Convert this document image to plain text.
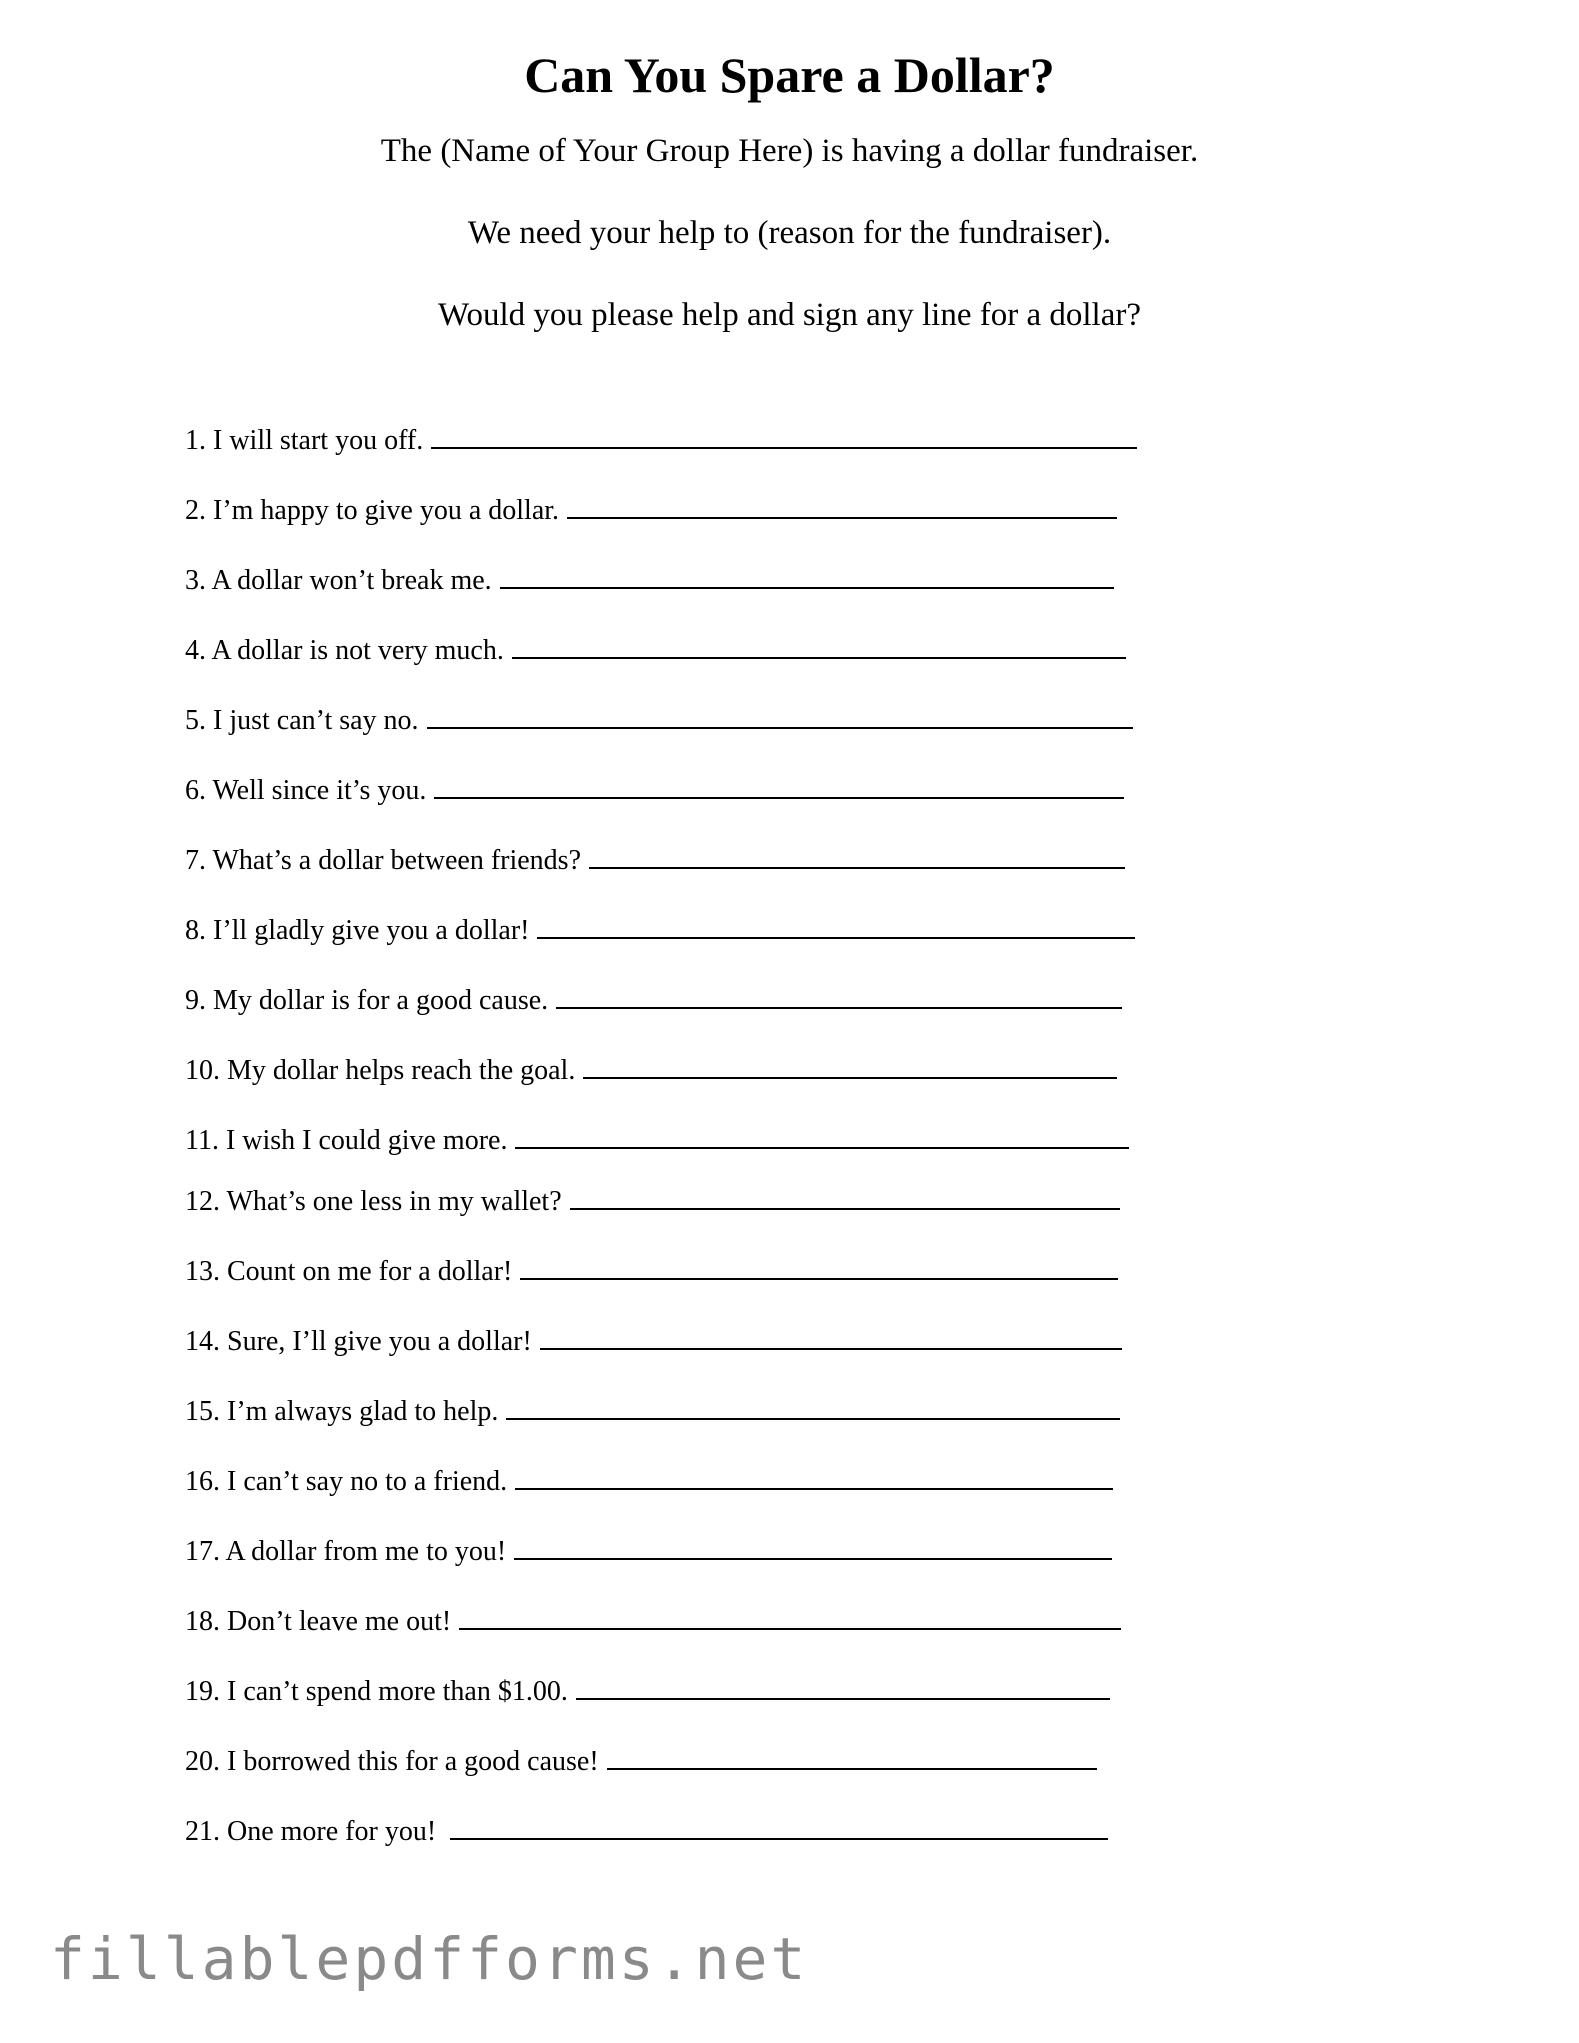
Can You Spare a Dollar?

The (Name of Your Group Here) is having a dollar fundraiser.

We need your help to (reason for the fundraiser).

Would you please help and sign any line for a dollar?

1. I will start you off.
2. I’m happy to give you a dollar.
3. A dollar won’t break me.
4. A dollar is not very much.
5. I just can’t say no.
6. Well since it’s you.
7. What’s a dollar between friends?
8. I’ll gladly give you a dollar!
9. My dollar is for a good cause.
10. My dollar helps reach the goal.
11. I wish I could give more.
12. What’s one less in my wallet?
13. Count on me for a dollar!
14. Sure, I’ll give you a dollar!
15. I’m always glad to help.
16. I can’t say no to a friend.
17. A dollar from me to you!
18. Don’t leave me out!
19. I can’t spend more than $1.00.
20. I borrowed this for a good cause!
21. One more for you!

fillablepdfforms.net
